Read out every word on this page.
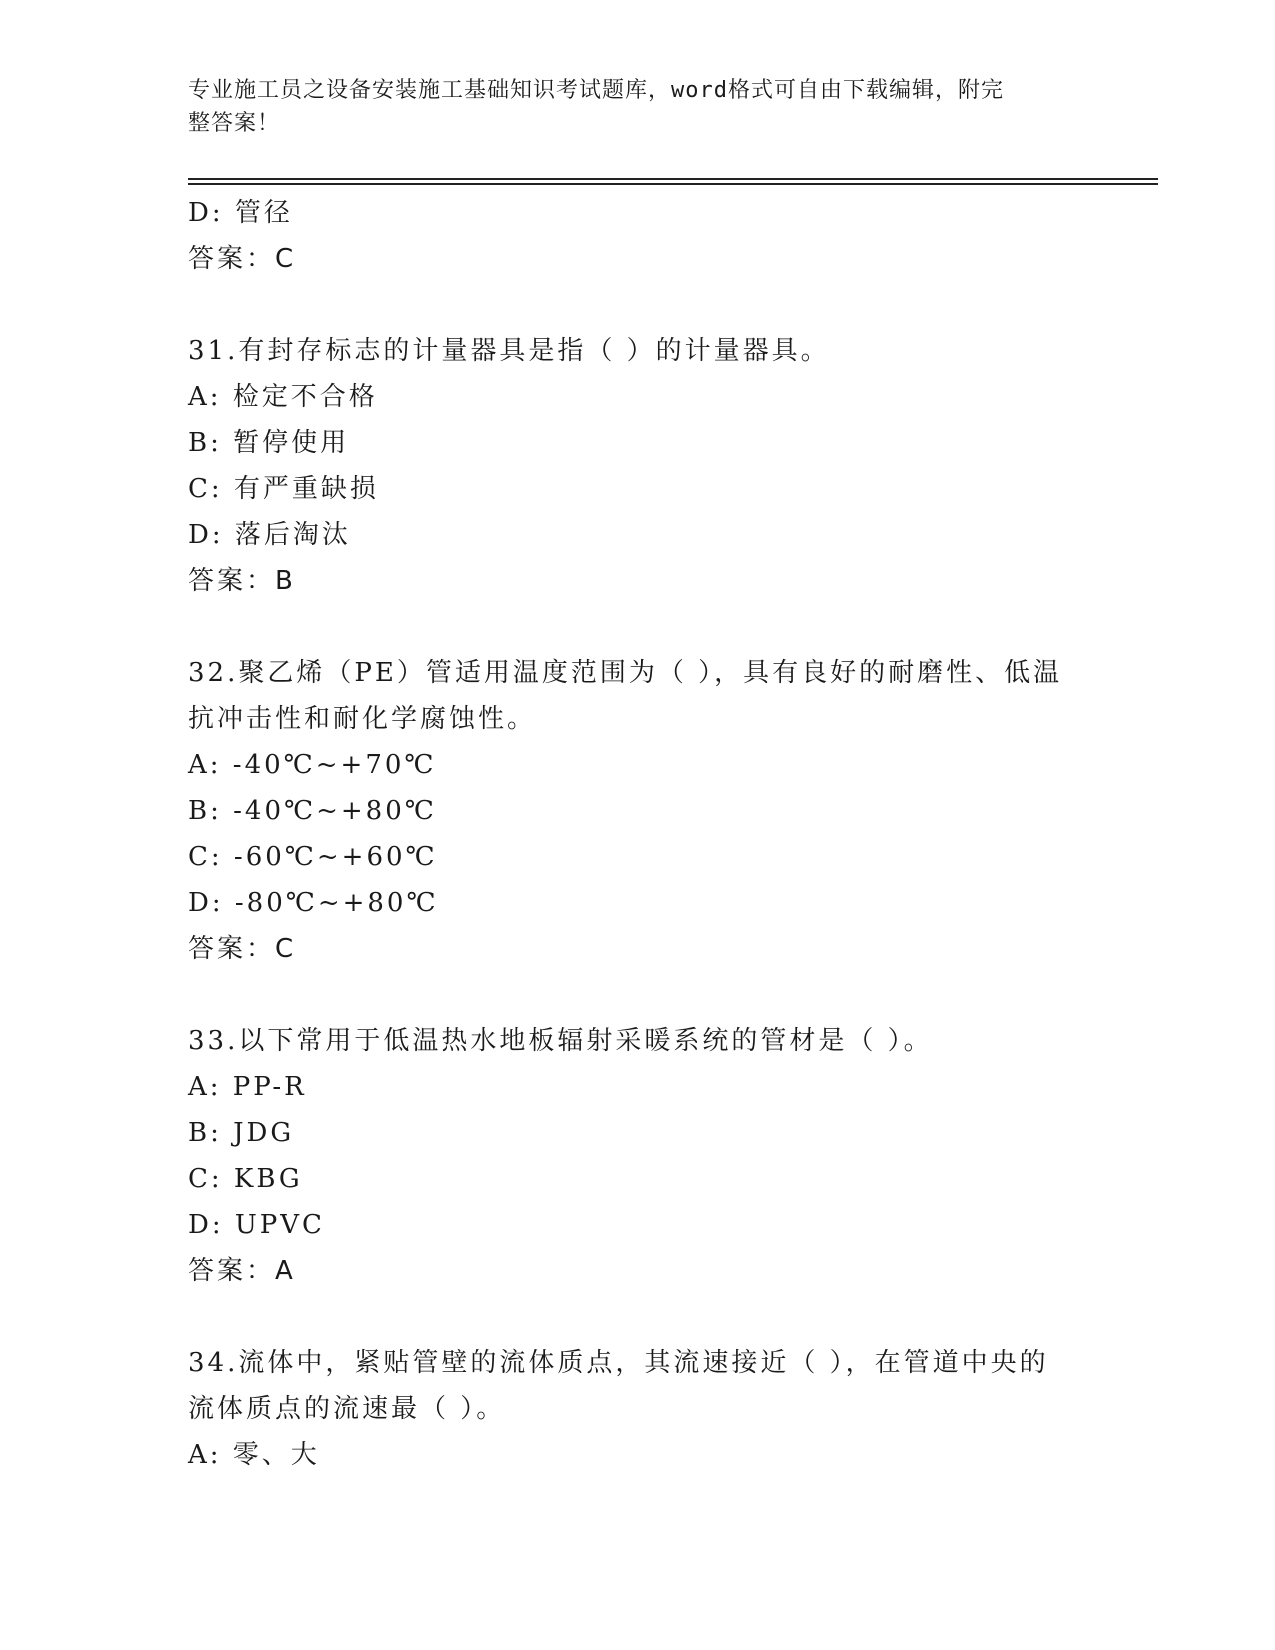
专业施工员之设备安装施工基础知识考试题库，word格式可自由下载编辑，附完
整答案！
D: 管径
答案：C
31.有封存标志的计量器具是指（ ）的计量器具。
A: 检定不合格
B: 暂停使用
C: 有严重缺损
D: 落后淘汰
答案：B
32.聚乙烯（PE）管适用温度范围为（ ），具有良好的耐磨性、低温
抗冲击性和耐化学腐蚀性。
A: -40℃~+70℃
B: -40℃~+80℃
C: -60℃~+60℃
D: -80℃~+80℃
答案：C
33.以下常用于低温热水地板辐射采暖系统的管材是（ ）。
A: PP-R
B: JDG
C: KBG
D: UPVC
答案：A
34.流体中，紧贴管壁的流体质点，其流速接近（ ），在管道中央的
流体质点的流速最（ ）。
A: 零、大
